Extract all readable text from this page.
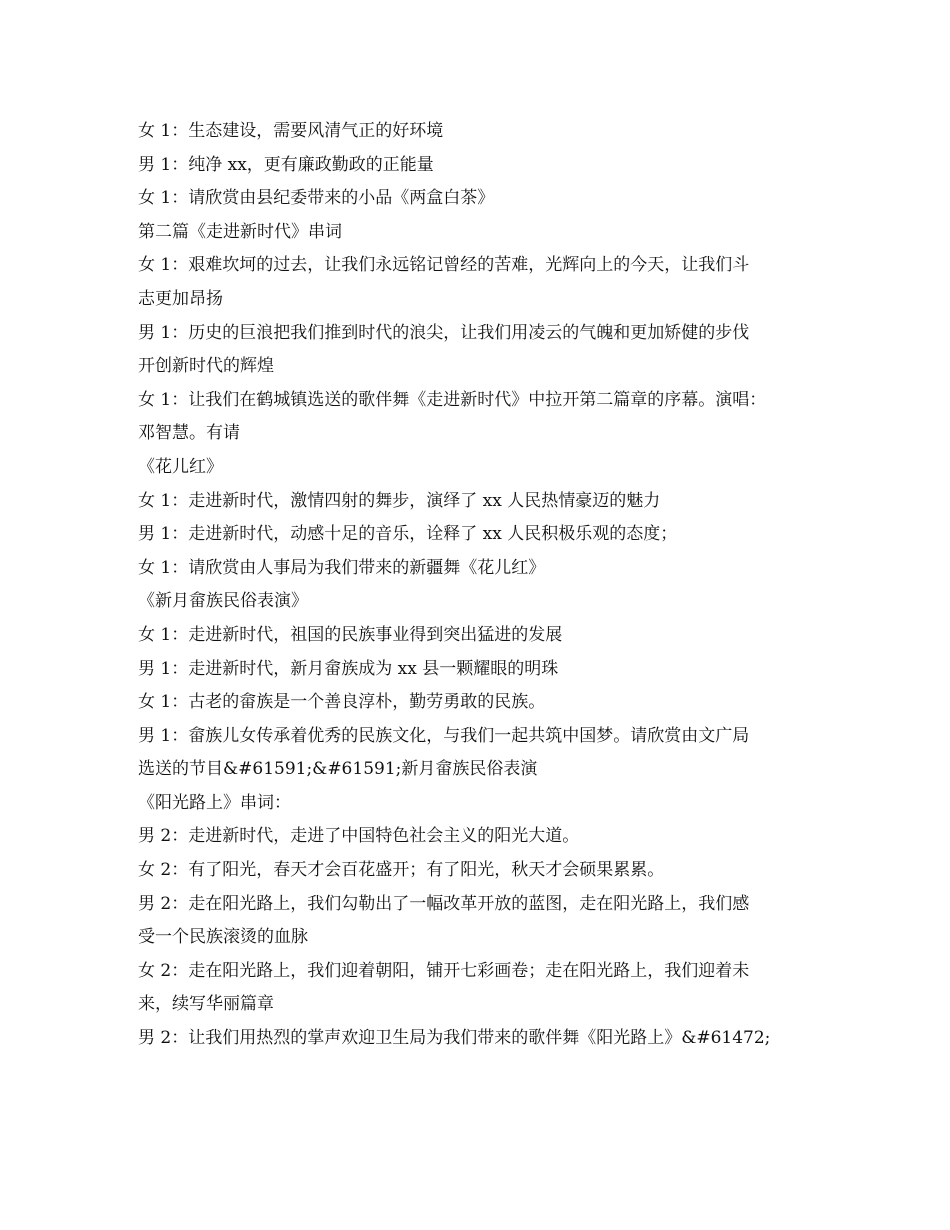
女 1：生态建设，需要风清气正的好环境

男 1：纯净 xx，更有廉政勤政的正能量

女 1：请欣赏由县纪委带来的小品《两盒白茶》

第二篇《走进新时代》串词

女 1：艰难坎坷的过去，让我们永远铭记曾经的苦难，光辉向上的今天，让我们斗

志更加昂扬

男 1：历史的巨浪把我们推到时代的浪尖，让我们用凌云的气魄和更加矫健的步伐

开创新时代的辉煌

女 1：让我们在鹤城镇选送的歌伴舞《走进新时代》中拉开第二篇章的序幕。演唱：

邓智慧。有请

《花儿红》

女 1：走进新时代，激情四射的舞步，演绎了 xx 人民热情豪迈的魅力

男 1：走进新时代，动感十足的音乐，诠释了 xx 人民积极乐观的态度；

女 1：请欣赏由人事局为我们带来的新疆舞《花儿红》

《新月畲族民俗表演》

女 1：走进新时代，祖国的民族事业得到突出猛进的发展

男 1：走进新时代，新月畲族成为 xx 县一颗耀眼的明珠

女 1：古老的畲族是一个善良淳朴，勤劳勇敢的民族。

男 1：畲族儿女传承着优秀的民族文化，与我们一起共筑中国梦。请欣赏由文广局

选送的节目&#61591;&#61591;新月畲族民俗表演

《阳光路上》串词：

男 2：走进新时代，走进了中国特色社会主义的阳光大道。

女 2：有了阳光，春天才会百花盛开；有了阳光，秋天才会硕果累累。

男 2：走在阳光路上，我们勾勒出了一幅改革开放的蓝图，走在阳光路上，我们感

受一个民族滚烫的血脉

女 2：走在阳光路上，我们迎着朝阳，铺开七彩画卷；走在阳光路上，我们迎着未

来，续写华丽篇章

男 2：让我们用热烈的掌声欢迎卫生局为我们带来的歌伴舞《阳光路上》&#61472;
